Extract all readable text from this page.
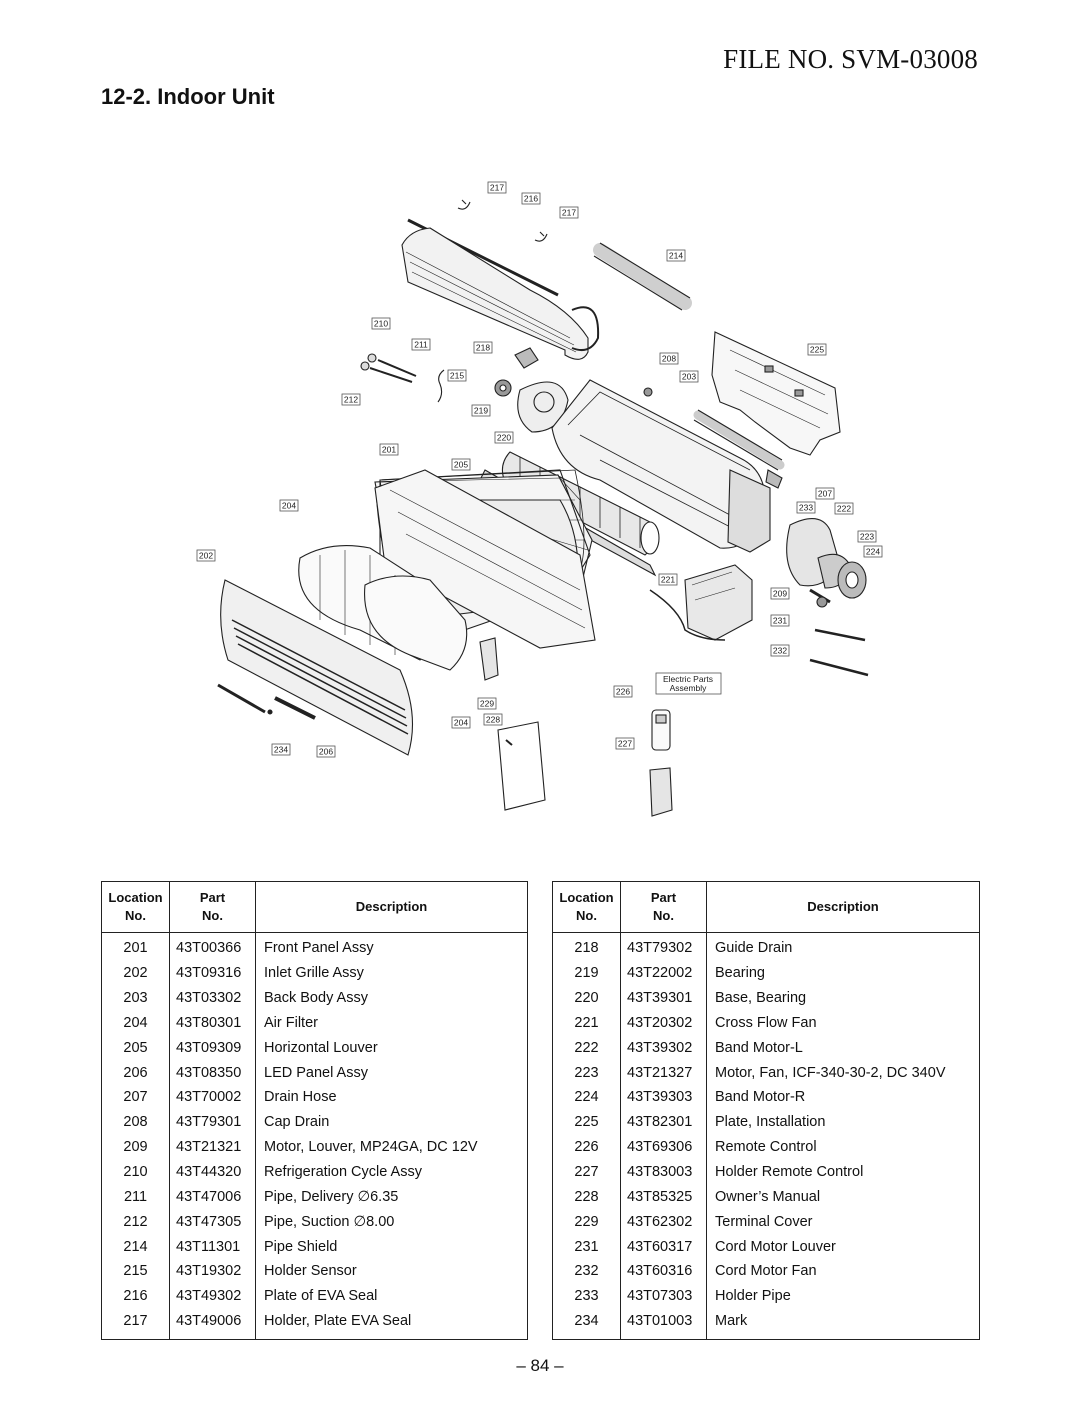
FILE NO. SVM-03008
12-2. Indoor Unit
Electric Parts
Assembly
217
216
217
214
210
211	218	225
208
215	203
212
219
220
201
205
207
204	233	222
223
202	224
221
209
231
232
229
226
204 228
227
234	206
Location
No.	Part
No.	Description
201	43T00366	Front Panel Assy
202	43T09316	Inlet Grille Assy
203	43T03302	Back Body Assy
204	43T80301	Air Filter
205	43T09309	Horizontal Louver
206	43T08350	LED Panel Assy
207	43T70002	Drain Hose
208	43T79301	Cap Drain
209	43T21321	Motor, Louver, MP24GA, DC 12V
210	43T44320	Refrigeration Cycle Assy
211	43T47006	Pipe, Delivery ∅6.35
212	43T47305	Pipe, Suction ∅8.00
214	43T11301	Pipe Shield
215	43T19302	Holder Sensor
216	43T49302	Plate of EVA Seal
217	43T49006	Holder, Plate EVA Seal
Location
No.	Part
No.	Description
218	43T79302	Guide Drain
219	43T22002	Bearing
220	43T39301	Base, Bearing
221	43T20302	Cross Flow Fan
222	43T39302	Band Motor-L
223	43T21327	Motor, Fan, ICF-340-30-2, DC 340V
224	43T39303	Band Motor-R
225	43T82301	Plate, Installation
226	43T69306	Remote Control
227	43T83003	Holder Remote Control
228	43T85325	Owner’s Manual
229	43T62302	Terminal Cover
231	43T60317	Cord Motor Louver
232	43T60316	Cord Motor Fan
233	43T07303	Holder Pipe
234	43T01003	Mark
– 84 –
